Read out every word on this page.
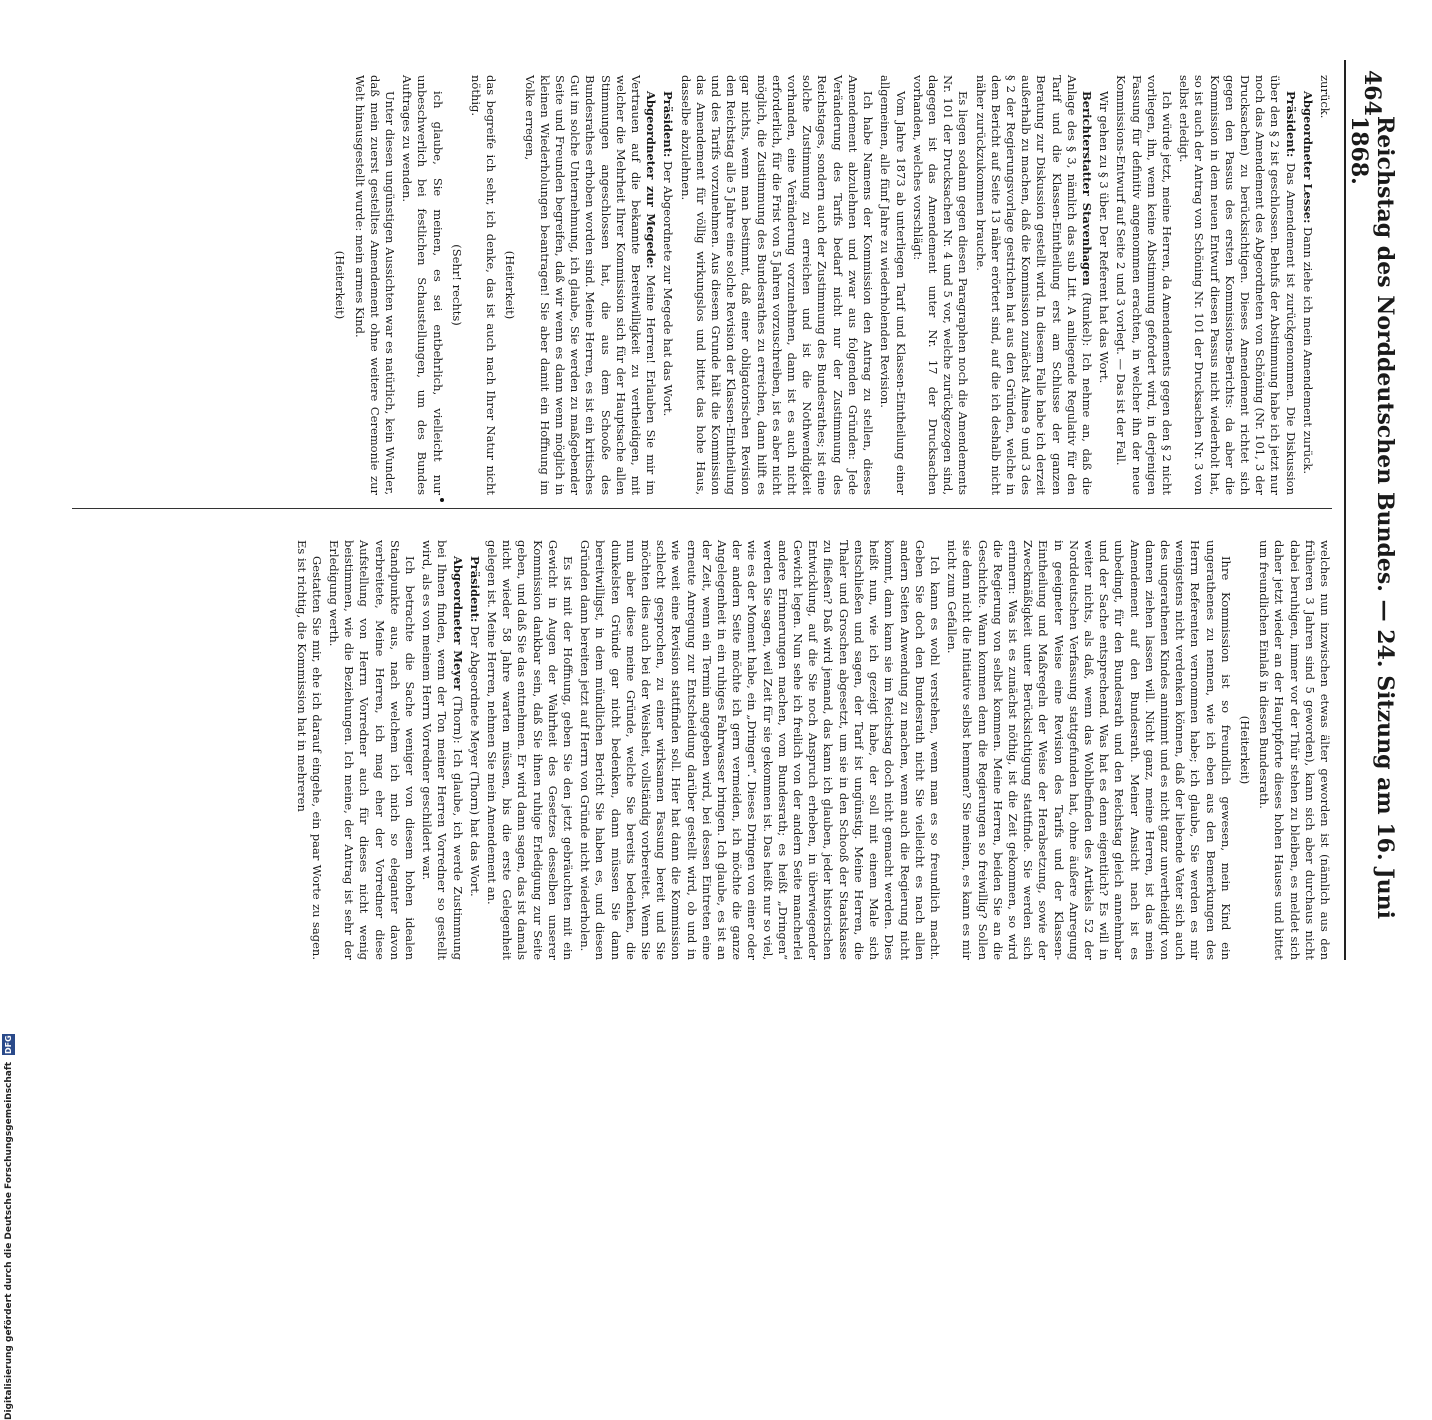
464
Reichstag des Norddeutschen Bundes. — 24. Sitzung am 16. Juni 1868.

zurück.

Abgeordneter Lesse: Dann ziehe ich mein Amendement zurück.

Präsident: Das Amendement ist zurückgenommen. Die Diskussion über den § 2 ist geschlossen. Behufs der Abstimmung habe ich jetzt nur noch das Amendement des Abgeordneten von Schöning (Nr. 101, 3 der Drucksachen) zu berücksichtigen. Dieses Amendement richtet sich gegen den Passus des ersten Kommissions-Berichts: da aber die Kommission in dem neuen Entwurf diesen Passus nicht wiederholt hat, so ist auch der Antrag von Schöning Nr. 101 der Drucksachen Nr. 3 von selbst erledigt.

Ich würde jetzt, meine Herren, da Amendements gegen den § 2 nicht vorliegen, ihn, wenn keine Abstimmung gefordert wird, in derjenigen Fassung für definitiv angenommen erachten, in welcher ihn der neue Kommissions-Entwurf auf Seite 2 und 3 vorlegt. — Das ist der Fall.

Wir gehen zu § 3 über. Der Referent hat das Wort.

Berichterstatter Stavenhagen (Runkel): Ich nehme an, daß die Anlage des § 3, nämlich das sub Litt. A anliegende Regulativ für den Tarif und die Klassen-Eintheilung erst am Schlusse der ganzen Beratung zur Diskussion gestellt wird. In diesem Falle habe ich derzeit außerhalb zu machen, daß die Kommission zunächst Alinea 9 und 3 des § 2 der Regierungsvorlage gestrichen hat aus den Gründen, welche in dem Bericht auf Seite 13 näher erörtert sind, auf die ich deshalb nicht näher zurückzukommen brauche.

Es liegen sodann gegen diesen Paragraphen noch die Amendements Nr. 101 der Drucksachen Nr. 4 und 5 vor, welche zurückgezogen sind, dagegen ist das Amendement unter Nr. 17 der Drucksachen vorhanden, welches vorschlägt:

Vom Jahre 1873 ab unterliegen Tarif und Klassen-Eintheilung einer allgemeinen, alle fünf Jahre zu wiederholenden Revision.

Ich habe Namens der Kommission den Antrag zu stellen, dieses Amendement abzulehnen und zwar aus folgenden Gründen: Jede Veränderung des Tarifs bedarf nicht nur der Zustimmung des Reichstages, sondern auch der Zustimmung des Bundesrathes; ist eine solche Zustimmung zu erreichen und ist die Nothwendigkeit vorhanden, eine Veränderung vorzunehmen, dann ist es auch nicht erforderlich, für die Frist von 5 Jahren vorzuschreiben, ist es aber nicht möglich, die Zustimmung des Bundesrathes zu erreichen, dann hilft es gar nichts, wenn man bestimmt, daß einer obligatorischen Revision den Reichstag alle 5 Jahre eine solche Revision der Klassen-Eintheilung und des Tarifs vorzunehmen. Aus diesem Grunde hält die Kommission das Amendement für völlig wirkungslos und bittet das hohe Haus, dasselbe abzulehnen.

Präsident: Der Abgeordnete zur Megede hat das Wort.

Abgeordneter zur Megede: Meine Herren! Erlauben Sie mir im Vertrauen auf die bekannte Bereitwilligkeit zu vertheidigen, mit welcher die Mehrheit Ihrer Kommission sich für der Hauptsache allen Stimmungen angeschlossen hat, die aus dem Schooße des Bundesrathes erhoben worden sind. Meine Herren, es ist ein kritisches Gut im solche Unternehmung, ich glaube, Sie werden zu maßgebender Seite und Freunden begreifen, daß wir wenn es dann wenn möglich in kleinen Wiederholungen beantragen! Sie aber damit ein Hoffnung im Volke erregen,

(Heiterkeit)

das begreife ich sehr, ich denke, das ist auch nach Ihrer Natur nicht nöthig.

(Sehr! rechts)

ich glaube, Sie meinen, es sei entbehrlich, vielleicht nur unbeschwerlich bei festlichen Schaustellungen, um des Bundes Auftrages zu wenden.

Unter diesen ungünstigen Aussichten war es natürlich, kein Wunder, daß mein zuerst gestelltes Amendement ohne weitere Ceremonie zur Welt hinausgestellt wurde: mein armes Kind.

(Heiterkeit)

welches nun inzwischen etwas älter geworden ist (nämlich aus den früheren 3 Jahren sind 5 geworden), kann sich aber durchaus nicht dabei beruhigen, immer vor der Thür stehen zu bleiben, es meldet sich daher jetzt wieder an der Hauptpforte dieses hohen Hauses und bittet um freundlichen Einlaß in diesen Bundesrath.

(Heiterkeit)

Ihre Kommission ist so freundlich gewesen, mein Kind ein ungerathenes zu nennen, wie ich eben aus den Bemerkungen des Herrn Referenten vernommen habe; ich glaube, Sie werden es mir wenigstens nicht verdenken können, daß der liebende Vater sich auch des ungerathenen Kindes annimmt und es nicht ganz unvertheidigt von dannen ziehen lassen will. Nicht ganz, meine Herren, ist das mein Amendement auf den Bundesrath. Meiner Ansicht nach ist es unbedingt, für den Bundesrath und den Reichstag gleich annehmbar und der Sache entsprechend. Was hat es denn eigentlich? Es will in weiter nichts, als daß, wenn das Wohlbefinden des Artikels 52 der Norddeutschen Verfassung stattgefunden hat, ohne äußere Anregung in geeigneter Weise eine Revision des Tarifs und der Klassen-Eintheilung und Maßregeln der Weise der Herabsetzung, sowie der Zweckmäßigkeit unter Berücksichtigung stattfinde. Sie werden sich erinnern: Was ist es zunächst nöthig, ist die Zeit gekommen, so wird die Regierung von selbst kommen. Meine Herren, beiden Sie an die Geschichte. Wann kommen denn die Regierungen so freiwillig? Sollen sie denn nicht die Initiative selbst hemmen? Sie meinen, es kann es mir nicht zum Gefallen.

Ich kann es wohl verstehen, wenn man es so freundlich macht. Geben Sie doch den Bundesrath nicht Sie vielleicht es nach allen andern Seiten Anwendung zu machen, wenn auch die Regierung nicht kommt, dann kann sie im Reichstag doch nicht gemacht werden. Dies heißt nun, wie ich gezeigt habe, der soll mit einem Male sich entschließen und sagen, der Tarif ist ungünstig. Meine Herren, die Thaler und Groschen abgesetzt, um sie in den Schooß der Staatskasse zu fließen? Daß wird jemand, das kann ich glauben, jeder historischen Entwicklung, auf die Sie noch Anspruch erheben, in überwiegender Gewicht legen. Nun sehe ich freilich von der andern Seite mancherlei andere Erinnerungen machen, vom Bundesrath; es heißt „Dringen“ werden Sie sagen, weil Zeit für sie gekommen ist. Das heißt nur so viel, wie es der Moment habe, ein „Dringen“. Dieses Dringen von einer oder der andern Seite möchte ich gern vermeiden, ich möchte die ganze Angelegenheit in ein ruhiges Fahrwasser bringen. Ich glaube, es ist an der Zeit, wenn ein Termin angegeben wird, bei dessen Eintreten eine erneute Anregung zur Entscheidung darüber gestellt wird, ob und in wie weit eine Revision stattfinden soll. Hier hat dann die Kommission schlecht gesprochen, zu einer wirksamen Fassung bereit und Sie möchten dies auch bei der Weisheit, vollständig vorbereitet. Wenn Sie nun aber diese meine Gründe, welche Sie bereits bedenken, die dunkelsten Gründe gar nicht bedenken, dann müssen Sie dann bereitwilligst, in dem mündlichen Bericht Sie haben es, und diesen Gründen dann bereiten jetzt auf Herrn von Gründe nicht wiederholen.

Es ist mit der Hoffnung, geben Sie den jetzt gebräuchten mit ein Gewicht in Augen der Wahrheit des Gesetzes desselben unserer Kommission dankbar sein, daß Sie ihnen ruhige Erledigung zur Seite geben, und daß Sie das entnehmen. Er wird dann sagen, das ist damals nicht wieder 58 Jahre warten müssen, bis die erste Gelegenheit gelegen ist. Meine Herren, nehmen Sie mein Amendement an.

Präsident: Der Abgeordnete Meyer (Thorn) hat das Wort.

Abgeordneter Meyer (Thorn): Ich glaube, ich werde Zustimmung bei Ihnen finden, wenn der Ton meiner Herren Vorredner so gestellt wird, als es von meinem Herrn Vorredner geschildert war.

Ich betrachte die Sache weniger von diesem hohen idealen Standpunkte aus, nach welchem ich mich so eleganter davon verbreitete, Meine Herren, ich mag eher der Vorredner diese Aufstellung von Herrn Vorredner auch für dieses nicht wenig beistimmen, wie die Beziehungen. Ich meine, der Antrag ist sehr der Erledigung werth.

Gestatten Sie mir, ehe ich darauf eingehe, ein paar Worte zu sagen. Es ist richtig, die Kommission hat in mehreren

Digitalisierung gefördert durch die Deutsche Forschungsgemeinschaft DFG
